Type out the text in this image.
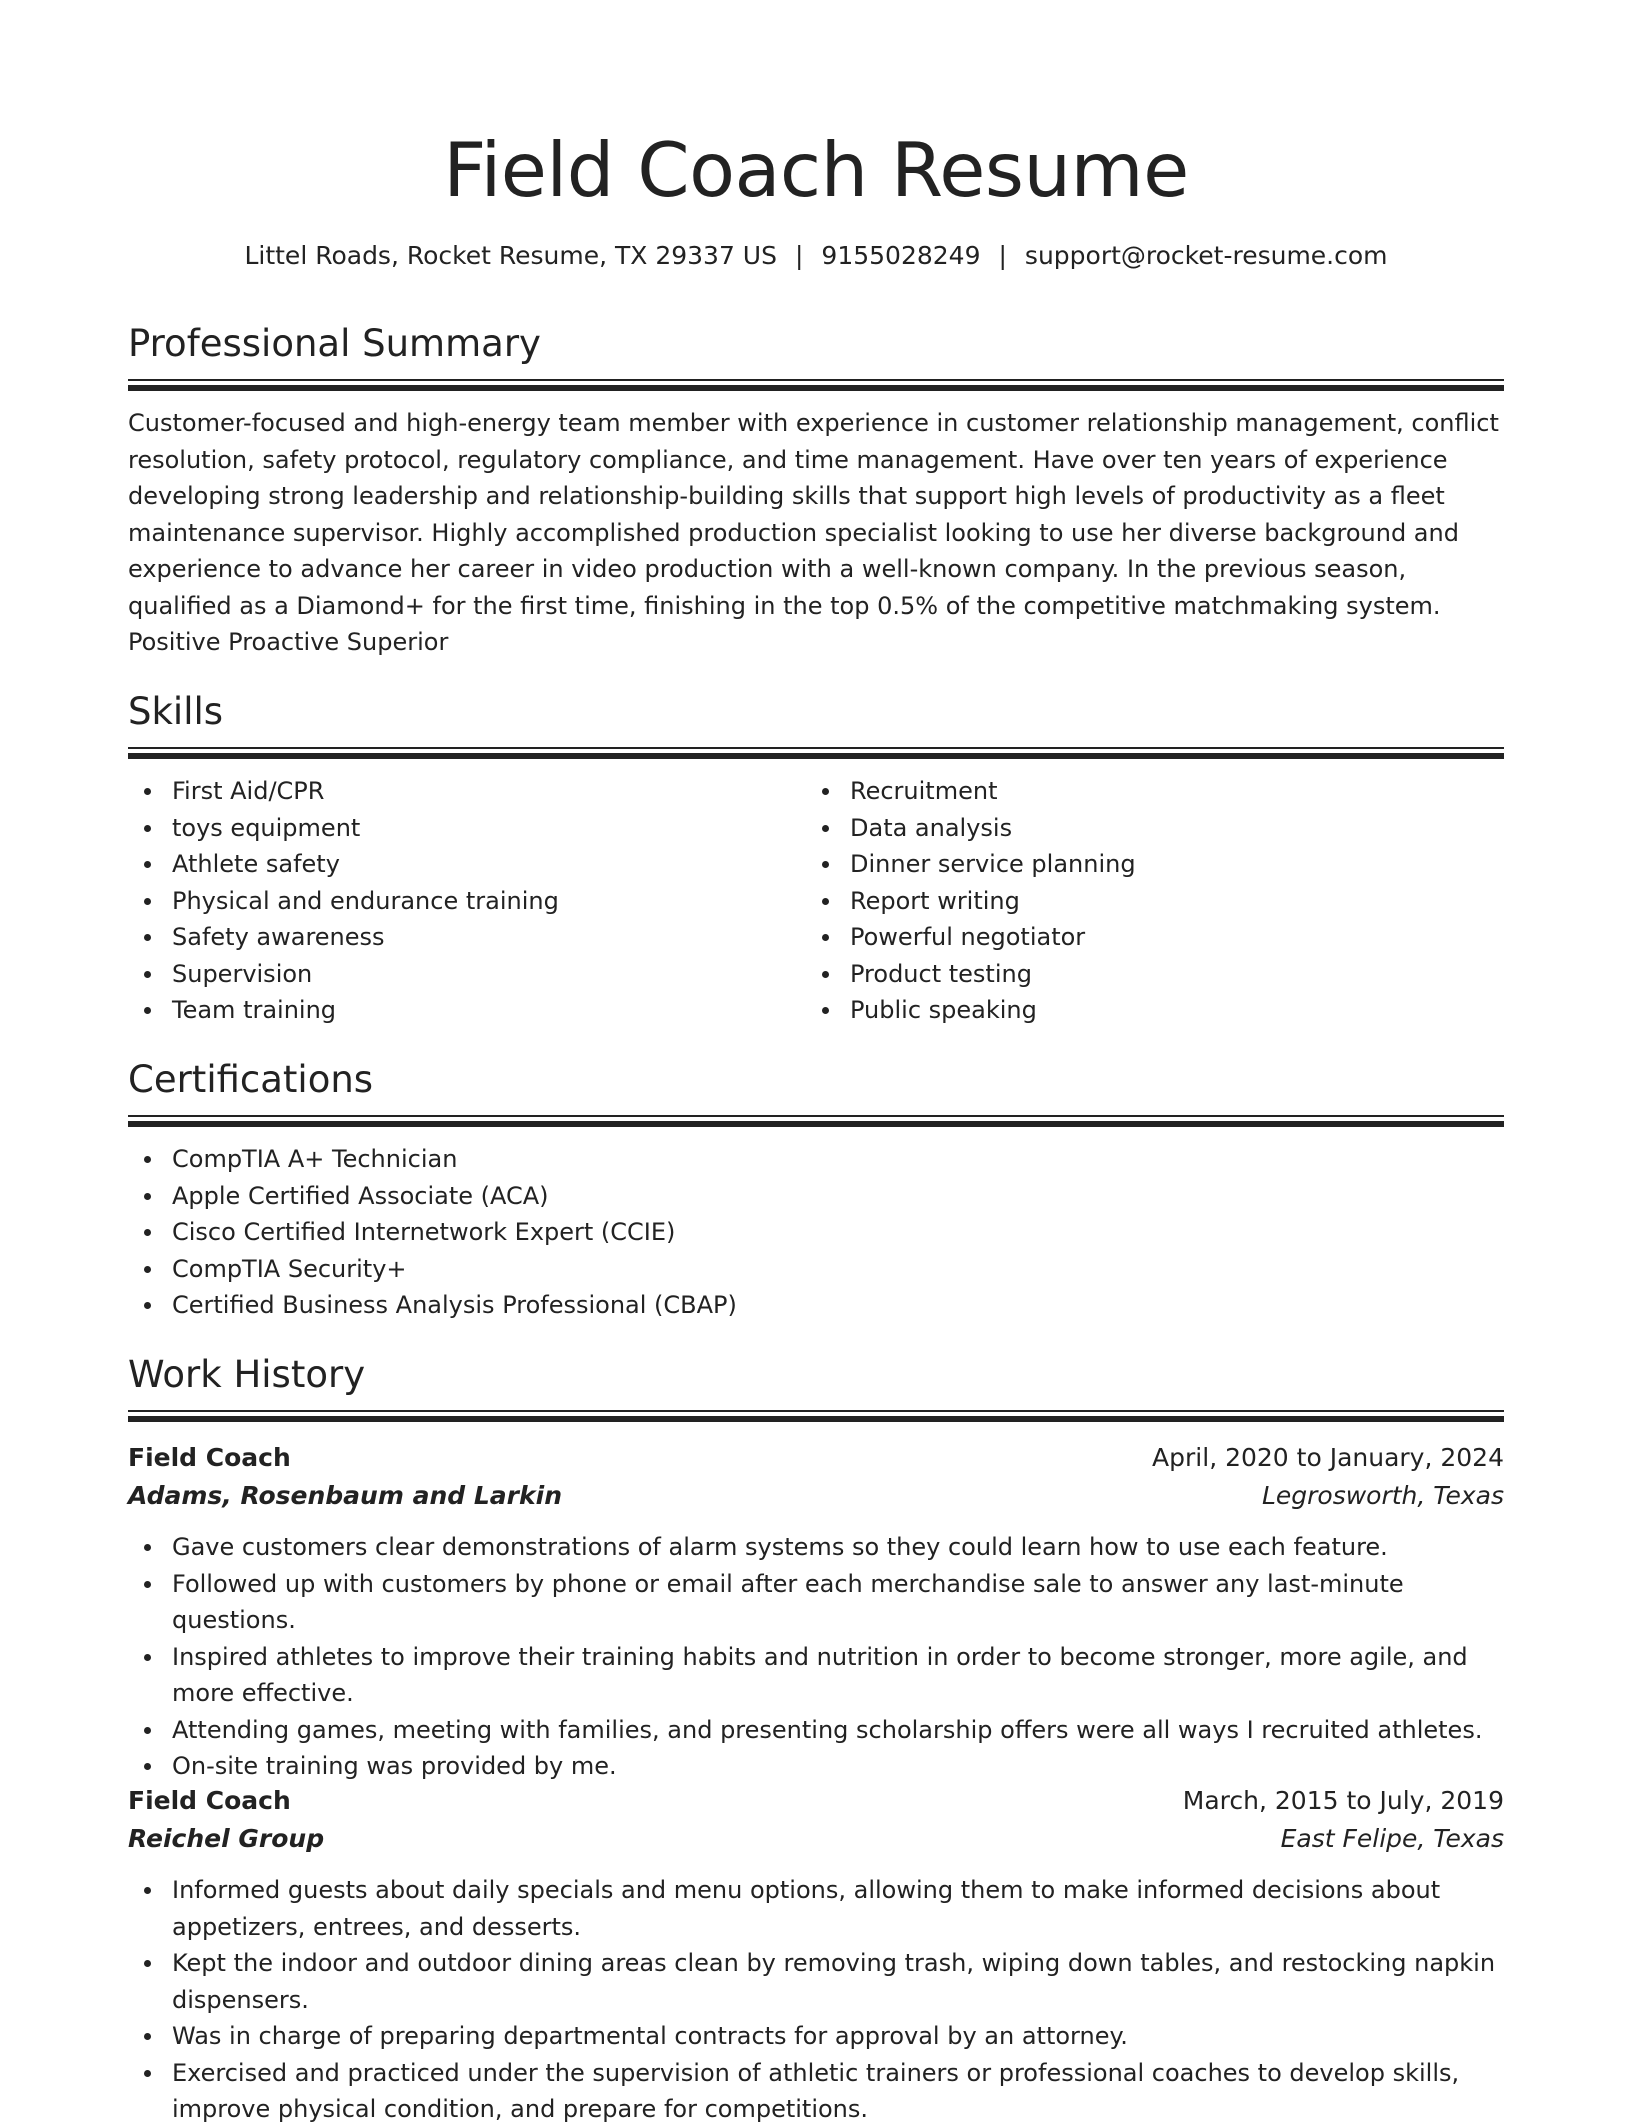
Field Coach Resume
Littel Roads, Rocket Resume, TX 29337 US | 9155028249 | support@rocket-resume.com
Professional Summary

Customer-focused and high-energy team member with experience in customer relationship management, conflict resolution, safety protocol, regulatory compliance, and time management. Have over ten years of experience developing strong leadership and relationship-building skills that support high levels of productivity as a fleet maintenance supervisor. Highly accomplished production specialist looking to use her diverse background and experience to advance her career in video production with a well-known company. In the previous season, qualified as a Diamond+ for the first time, finishing in the top 0.5% of the competitive matchmaking system. Positive Proactive Superior

Skills
First Aid/CPR
toys equipment
Athlete safety
Physical and endurance training
Safety awareness
Supervision
Team training
Recruitment
Data analysis
Dinner service planning
Report writing
Powerful negotiator
Product testing
Public speaking
Certifications
CompTIA A+ Technician
Apple Certified Associate (ACA)
Cisco Certified Internetwork Expert (CCIE)
CompTIA Security+
Certified Business Analysis Professional (CBAP)
Work History
Field Coach	April, 2020 to January, 2024
Adams, Rosenbaum and Larkin	Legrosworth, Texas
Gave customers clear demonstrations of alarm systems so they could learn how to use each feature.
Followed up with customers by phone or email after each merchandise sale to answer any last-minute questions.
Inspired athletes to improve their training habits and nutrition in order to become stronger, more agile, and more effective.
Attending games, meeting with families, and presenting scholarship offers were all ways I recruited athletes.
On-site training was provided by me.
Field Coach	March, 2015 to July, 2019
Reichel Group	East Felipe, Texas
Informed guests about daily specials and menu options, allowing them to make informed decisions about appetizers, entrees, and desserts.
Kept the indoor and outdoor dining areas clean by removing trash, wiping down tables, and restocking napkin dispensers.
Was in charge of preparing departmental contracts for approval by an attorney.
Exercised and practiced under the supervision of athletic trainers or professional coaches to develop skills, improve physical condition, and prepare for competitions.
